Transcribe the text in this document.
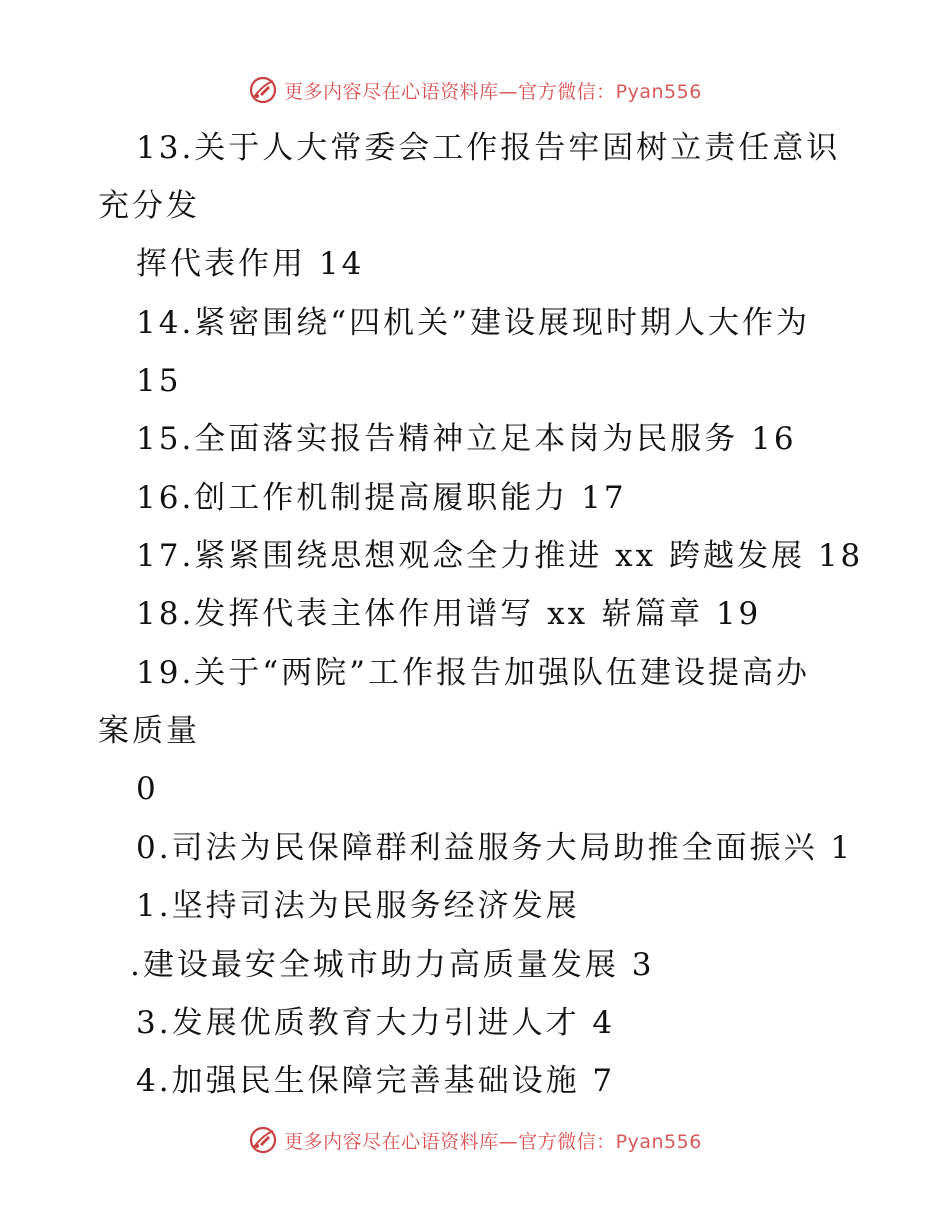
更多内容尽在心语资料库—官方微信：Pyan556
13.关于人大常委会工作报告牢固树立责任意识
充分发
挥代表作用 14
14.紧密围绕“四机关”建设展现时期人大作为
15
15.全面落实报告精神立足本岗为民服务 16
16.创工作机制提高履职能力 17
17.紧紧围绕思想观念全力推进 xx 跨越发展 18
18.发挥代表主体作用谱写 xx 崭篇章 19
19.关于“两院”工作报告加强队伍建设提高办
案质量
0
0.司法为民保障群利益服务大局助推全面振兴 1
1.坚持司法为民服务经济发展
.建设最安全城市助力高质量发展 3
3.发展优质教育大力引进人才 4
4.加强民生保障完善基础设施 7
更多内容尽在心语资料库—官方微信：Pyan556
